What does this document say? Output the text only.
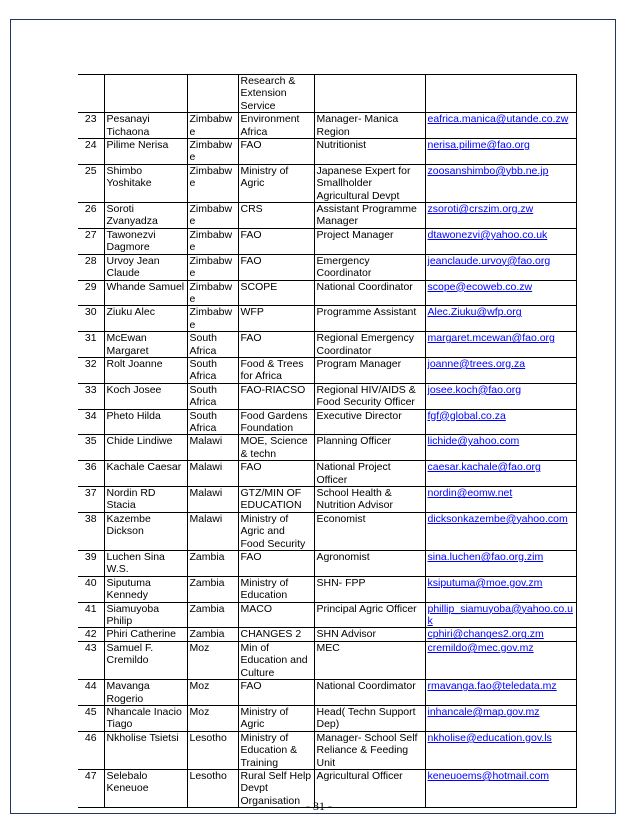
			Research & Extension Service		
23	Pesanayi Tichaona	Zimbabwe	Environment Africa	Manager- Manica Region	eafrica.manica@utande.co.zw
24	Pilime Nerisa	Zimbabwe	FAO	Nutritionist	nerisa.pilime@fao.org
25	Shimbo Yoshitake	Zimbabwe	Ministry of Agric	Japanese Expert for Smallholder Agricultural Devpt	zoosanshimbo@ybb.ne.jp
26	Soroti Zvanyadza	Zimbabwe	CRS	Assistant Programme Manager	zsoroti@crszim.org.zw
27	Tawonezvi Dagmore	Zimbabwe	FAO	Project Manager	dtawonezvi@yahoo.co.uk
28	Urvoy Jean Claude	Zimbabwe	FAO	Emergency Coordinator	jeanclaude.urvoy@fao.org
29	Whande Samuel	Zimbabwe	SCOPE	National Coordinator	scope@ecoweb.co.zw
30	Ziuku Alec	Zimbabwe	WFP	Programme Assistant	Alec.Ziuku@wfp.org
31	McEwan Margaret	South Africa	FAO	Regional Emergency Coordinator	margaret.mcewan@fao.org
32	Rolt Joanne	South Africa	Food & Trees for Africa	Program Manager	joanne@trees.org.za
33	Koch Josee	South Africa	FAO-RIACSO	Regional HIV/AIDS & Food Security Officer	josee.koch@fao.org
34	Pheto Hilda	South Africa	Food Gardens Foundation	Executive Director	fgf@global.co.za
35	Chide Lindiwe	Malawi	MOE, Science & techn	Planning Officer	lichide@yahoo.com
36	Kachale Caesar	Malawi	FAO	National Project Officer	caesar.kachale@fao.org
37	Nordin RD Stacia	Malawi	GTZ/MIN OF EDUCATION	School Health & Nutrition Advisor	nordin@eomw.net
38	Kazembe Dickson	Malawi	Ministry of Agric and Food Security	Economist	dicksonkazembe@yahoo.com
39	Luchen Sina W.S.	Zambia	FAO	Agronomist	sina.luchen@fao.org.zim
40	Siputuma Kennedy	Zambia	Ministry of Education	SHN- FPP	ksiputuma@moe.gov.zm
41	Siamuyoba Philip	Zambia	MACO	Principal Agric Officer	phillip_siamuyoba@yahoo.co.uk
42	Phiri Catherine	Zambia	CHANGES 2	SHN Advisor	cphiri@changes2.org.zm
43	Samuel F. Cremildo	Moz	Min of Education and Culture	MEC	cremildo@mec.gov.mz
44	Mavanga Rogerio	Moz	FAO	National Coordimator	rmavanga.fao@teledata.mz
45	Nhancale Inacio Tiago	Moz	Ministry of Agric	Head( Techn Support Dep)	inhancale@map.gov.mz
46	Nkholise Tsietsi	Lesotho	Ministry of Education & Training	Manager- School Self Reliance & Feeding Unit	nkholise@education.gov.ls
47	Selebalo Keneuoe	Lesotho	Rural Self Help Devpt Organisation	Agricultural Officer	keneuoems@hotmail.com
- 31 -
